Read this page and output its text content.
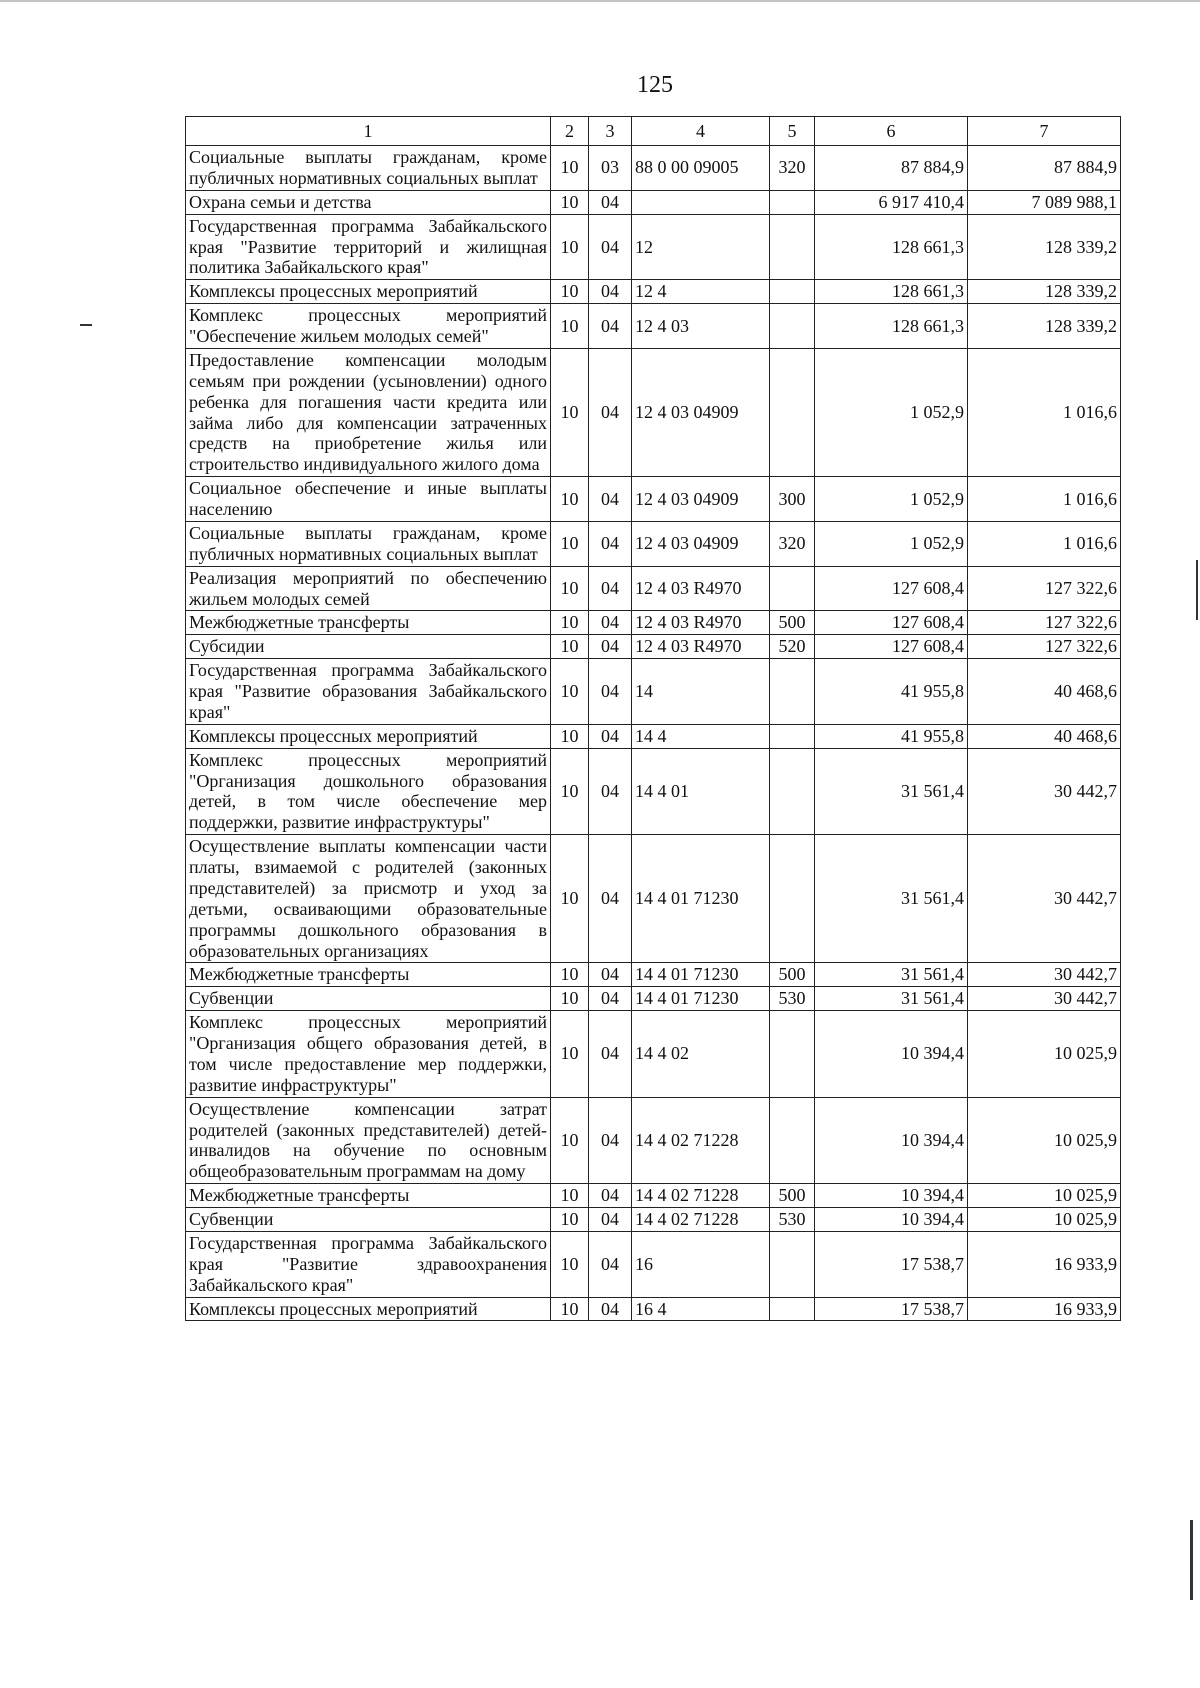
125
1	2	3	4	5	6	7
Социальные выплаты гражданам, кроме публичных нормативных социальных выплат	10	03	88 0 00 09005	320	87 884,9	87 884,9
Охрана семьи и детства	10	04			6 917 410,4	7 089 988,1
Государственная программа Забайкальского края "Развитие территорий и жилищная политика Забайкальского края"	10	04	12		128 661,3	128 339,2
Комплексы процессных мероприятий	10	04	12 4		128 661,3	128 339,2
Комплекс процессных мероприятий "Обеспечение жильем молодых семей"	10	04	12 4 03		128 661,3	128 339,2
Предоставление компенсации молодым семьям при рождении (усыновлении) одного ребенка для погашения части кредита или займа либо для компенсации затраченных средств на приобретение жилья или строительство индивидуального жилого дома	10	04	12 4 03 04909		1 052,9	1 016,6
Социальное обеспечение и иные выплаты населению	10	04	12 4 03 04909	300	1 052,9	1 016,6
Социальные выплаты гражданам, кроме публичных нормативных социальных выплат	10	04	12 4 03 04909	320	1 052,9	1 016,6
Реализация мероприятий по обеспечению жильем молодых семей	10	04	12 4 03 R4970		127 608,4	127 322,6
Межбюджетные трансферты	10	04	12 4 03 R4970	500	127 608,4	127 322,6
Субсидии	10	04	12 4 03 R4970	520	127 608,4	127 322,6
Государственная программа Забайкальского края "Развитие образования Забайкальского края"	10	04	14		41 955,8	40 468,6
Комплексы процессных мероприятий	10	04	14 4		41 955,8	40 468,6
Комплекс процессных мероприятий "Организация дошкольного образования детей, в том числе обеспечение мер поддержки, развитие инфраструктуры"	10	04	14 4 01		31 561,4	30 442,7
Осуществление выплаты компенсации части платы, взимаемой с родителей (законных представителей) за присмотр и уход за детьми, осваивающими образовательные программы дошкольного образования в образовательных организациях	10	04	14 4 01 71230		31 561,4	30 442,7
Межбюджетные трансферты	10	04	14 4 01 71230	500	31 561,4	30 442,7
Субвенции	10	04	14 4 01 71230	530	31 561,4	30 442,7
Комплекс процессных мероприятий "Организация общего образования детей, в том числе предоставление мер поддержки, развитие инфраструктуры"	10	04	14 4 02		10 394,4	10 025,9
Осуществление компенсации затрат родителей (законных представителей) детей-инвалидов на обучение по основным общеобразовательным программам на дому	10	04	14 4 02 71228		10 394,4	10 025,9
Межбюджетные трансферты	10	04	14 4 02 71228	500	10 394,4	10 025,9
Субвенции	10	04	14 4 02 71228	530	10 394,4	10 025,9
Государственная программа Забайкальского края "Развитие здравоохранения Забайкальского края"	10	04	16		17 538,7	16 933,9
Комплексы процессных мероприятий	10	04	16 4		17 538,7	16 933,9
